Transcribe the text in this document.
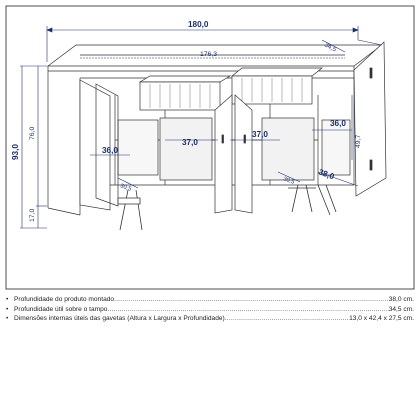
180,0
176,3
34,5
93,0
76,0
17,0
36,0
37,0
37,0
36,0
49,7
30,5
30,5	38,0
• Profundidade do produto montado .....	38,0 cm.
• Profundidade útil sobre o tampo .....	34,5 cm.
• Dimensões internas úteis das gavetas (Altura x Largura x Profundidade) .....	13,0 x 42,4 x 27,5 cm.
